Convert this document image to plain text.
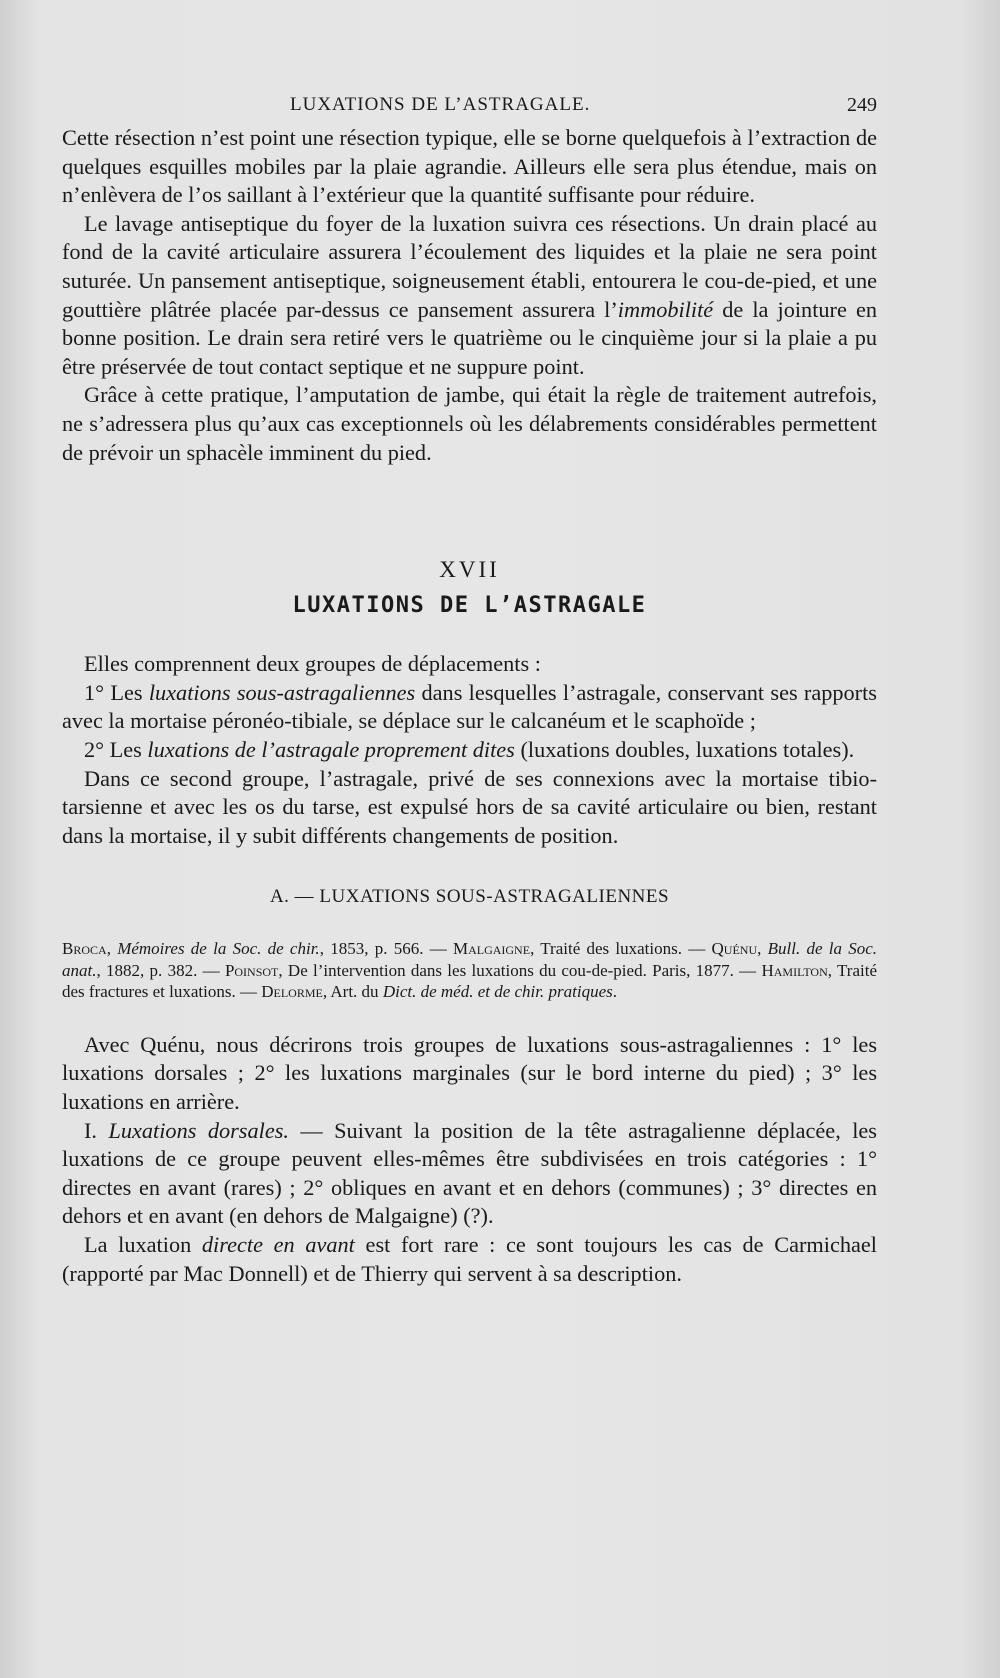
LUXATIONS DE L’ASTRAGALE.	249

Cette résection n’est point une résection typique, elle se borne quelquefois à l’extraction de quelques esquilles mobiles par la plaie agrandie. Ailleurs elle sera plus étendue, mais on n’enlèvera de l’os saillant à l’extérieur que la quantité suffisante pour réduire.

Le lavage antiseptique du foyer de la luxation suivra ces résections. Un drain placé au fond de la cavité articulaire assurera l’écoulement des liquides et la plaie ne sera point suturée. Un pansement antiseptique, soigneusement établi, entourera le cou-de-pied, et une gouttière plâtrée placée par-dessus ce pansement assurera l’immobilité de la jointure en bonne position. Le drain sera retiré vers le quatrième ou le cinquième jour si la plaie a pu être préservée de tout contact septique et ne suppure point.

Grâce à cette pratique, l’amputation de jambe, qui était la règle de traitement autrefois, ne s’adressera plus qu’aux cas exceptionnels où les délabrements considérables permettent de prévoir un sphacèle imminent du pied.

XVII
LUXATIONS DE L’ASTRAGALE

Elles comprennent deux groupes de déplacements :

1° Les luxations sous-astragaliennes dans lesquelles l’astragale, conservant ses rapports avec la mortaise péronéo-tibiale, se déplace sur le calcanéum et le scaphoïde ;

2° Les luxations de l’astragale proprement dites (luxations doubles, luxations totales).

Dans ce second groupe, l’astragale, privé de ses connexions avec la mortaise tibio-tarsienne et avec les os du tarse, est expulsé hors de sa cavité articulaire ou bien, restant dans la mortaise, il y subit différents changements de position.

A. — LUXATIONS SOUS-ASTRAGALIENNES
Broca, Mémoires de la Soc. de chir., 1853, p. 566. — Malgaigne, Traité des luxations. — Quénu, Bull. de la Soc. anat., 1882, p. 382. — Poinsot, De l’intervention dans les luxations du cou-de-pied. Paris, 1877. — Hamilton, Traité des fractures et luxations. — Delorme, Art. du Dict. de méd. et de chir. pratiques.

Avec Quénu, nous décrirons trois groupes de luxations sous-astragaliennes : 1° les luxations dorsales ; 2° les luxations marginales (sur le bord interne du pied) ; 3° les luxations en arrière.

I. Luxations dorsales. — Suivant la position de la tête astragalienne déplacée, les luxations de ce groupe peuvent elles-mêmes être subdivisées en trois catégories : 1° directes en avant (rares) ; 2° obliques en avant et en dehors (communes) ; 3° directes en dehors et en avant (en dehors de Malgaigne) (?).

La luxation directe en avant est fort rare : ce sont toujours les cas de Carmichael (rapporté par Mac Donnell) et de Thierry qui servent à sa description.
